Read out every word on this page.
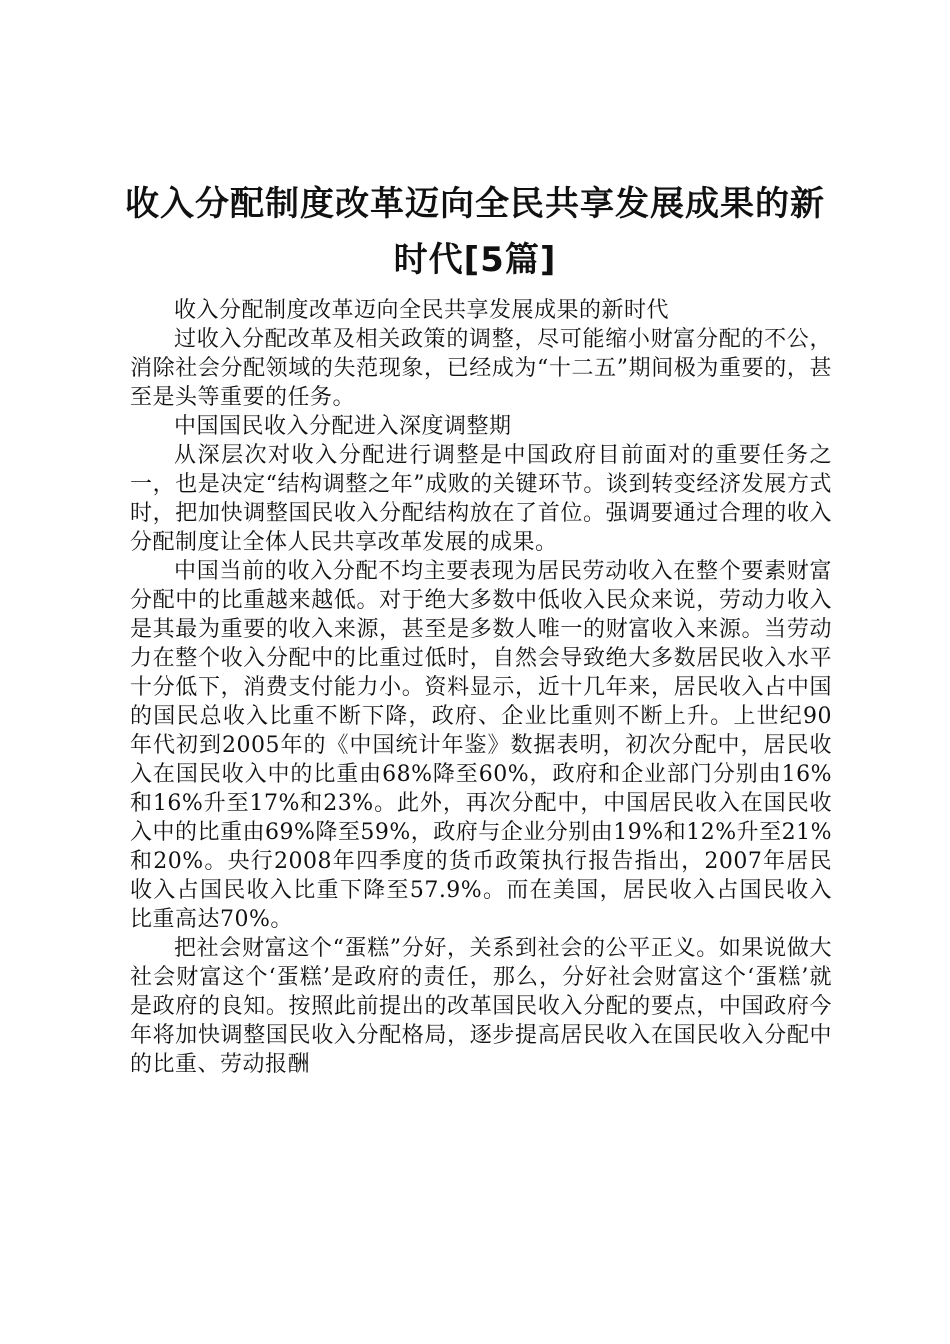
收入分配制度改革迈向全民共享发展成果的新时代[5篇]

收入分配制度改革迈向全民共享发展成果的新时代

过收入分配改革及相关政策的调整，尽可能缩小财富分配的不公，消除社会分配领域的失范现象，已经成为“十二五”期间极为重要的，甚至是头等重要的任务。

中国国民收入分配进入深度调整期

从深层次对收入分配进行调整是中国政府目前面对的重要任务之一，也是决定“结构调整之年”成败的关键环节。谈到转变经济发展方式时，把加快调整国民收入分配结构放在了首位。强调要通过合理的收入分配制度让全体人民共享改革发展的成果。

中国当前的收入分配不均主要表现为居民劳动收入在整个要素财富分配中的比重越来越低。对于绝大多数中低收入民众来说，劳动力收入是其最为重要的收入来源，甚至是多数人唯一的财富收入来源。当劳动力在整个收入分配中的比重过低时，自然会导致绝大多数居民收入水平十分低下，消费支付能力小。资料显示，近十几年来，居民收入占中国的国民总收入比重不断下降，政府、企业比重则不断上升。上世纪90年代初到2005年的《中国统计年鉴》数据表明，初次分配中，居民收入在国民收入中的比重由68%降至60%，政府和企业部门分别由16%和16%升至17%和23%。此外，再次分配中，中国居民收入在国民收入中的比重由69%降至59%，政府与企业分别由19%和12%升至21%和20%。央行2008年四季度的货币政策执行报告指出，2007年居民收入占国民收入比重下降至57.9%。而在美国，居民收入占国民收入比重高达70%。

把社会财富这个“蛋糕”分好，关系到社会的公平正义。如果说做大社会财富这个‘蛋糕’是政府的责任，那么，分好社会财富这个‘蛋糕’就是政府的良知。按照此前提出的改革国民收入分配的要点，中国政府今年将加快调整国民收入分配格局，逐步提高居民收入在国民收入分配中的比重、劳动报酬
